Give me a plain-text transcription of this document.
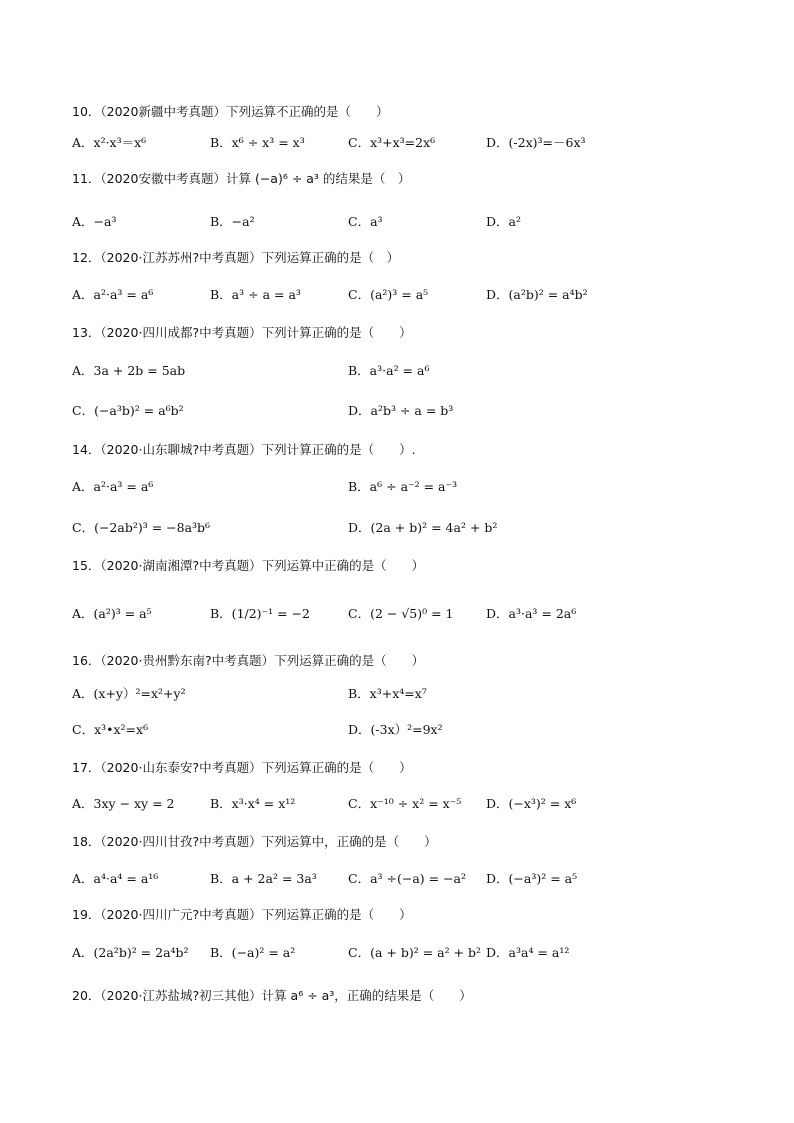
10．（2020新疆中考真题）下列运算不正确的是（　　）
A．x²·x³＝x⁶	B．x⁶ ÷ x³ = x³	C．x³+x³=2x⁶	D．(-2x)³=－6x³
11．（2020安徽中考真题）计算 (−a)⁶ ÷ a³ 的结果是（　）
A．−a³	B．−a²	C．a³	D．a²
12．（2020·江苏苏州?中考真题）下列运算正确的是（　）
A．a²·a³ = a⁶	B．a³ ÷ a = a³	C．(a²)³ = a⁵	D．(a²b)² = a⁴b²
13．（2020·四川成都?中考真题）下列计算正确的是（　　）
A．3a + 2b = 5ab	B．a³·a² = a⁶
C．(−a³b)² = a⁶b²	D．a²b³ ÷ a = b³
14．（2020·山东聊城?中考真题）下列计算正确的是（　　）.
A．a²·a³ = a⁶	B．a⁶ ÷ a⁻² = a⁻³
C．(−2ab²)³ = −8a³b⁶	D．(2a + b)² = 4a² + b²
15．（2020·湖南湘潭?中考真题）下列运算中正确的是（　　）
A．(a²)³ = a⁵	B．(1/2)⁻¹ = −2	C．(2 − √5)⁰ = 1	D．a³·a³ = 2a⁶
16．（2020·贵州黔东南?中考真题）下列运算正确的是（　　）
A．(x+y）²=x²+y²	B．x³+x⁴=x⁷
C．x³•x²=x⁶	D．(-3x）²=9x²
17．（2020·山东泰安?中考真题）下列运算正确的是（　　）
A．3xy − xy = 2	B．x³·x⁴ = x¹²	C．x⁻¹⁰ ÷ x² = x⁻⁵ D．(−x³)² = x⁶
18．（2020·四川甘孜?中考真题）下列运算中，正确的是（　　）
A．a⁴·a⁴ = a¹⁶	B．a + 2a² = 3a³ C．a³ ÷(−a) = −a² D．(−a³)² = a⁵
19．（2020·四川广元?中考真题）下列运算正确的是（　　）
A．(2a²b)² = 2a⁴b² B．(−a)² = a²	C．(a + b)² = a² + b² D．a³a⁴ = a¹²
20．（2020·江苏盐城?初三其他）计算 a⁶ ÷ a³，正确的结果是（　　）
